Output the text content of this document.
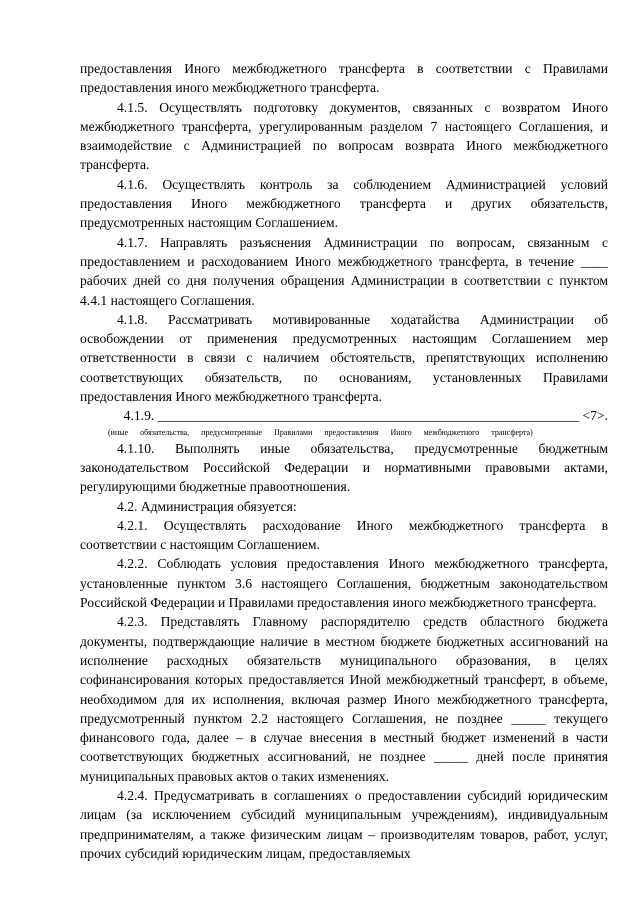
предоставления Иного межбюджетного трансферта в соответствии с Правилами предоставления иного межбюджетного трансферта.

4.1.5. Осуществлять подготовку документов, связанных с возвратом Иного межбюджетного трансферта, урегулированным разделом 7 настоящего Соглашения, и взаимодействие с Администрацией по вопросам возврата Иного межбюджетного трансферта.

4.1.6. Осуществлять контроль за соблюдением Администрацией условий предоставления Иного межбюджетного трансферта и других обязательств, предусмотренных настоящим Соглашением.

4.1.7. Направлять разъяснения Администрации по вопросам, связанным с предоставлением и расходованием Иного межбюджетного трансферта, в течение ____ рабочих дней со дня получения обращения Администрации в соответствии с пунктом 4.4.1 настоящего Соглашения.

4.1.8. Рассматривать мотивированные ходатайства Администрации об освобождении от применения предусмотренных настоящим Соглашением мер ответственности в связи с наличием обстоятельств, препятствующих исполнению соответствующих обязательств, по основаниям, установленных Правилами предоставления Иного межбюджетного трансферта.

4.1.9. ______________________________________________________________ <7>.

(иные обязательства, предусмотренные Правилами предоставления Иного межбюджетного трансферта)

4.1.10. Выполнять иные обязательства, предусмотренные бюджетным законодательством Российской Федерации и нормативными правовыми актами, регулирующими бюджетные правоотношения.

4.2. Администрация обязуется:

4.2.1. Осуществлять расходование Иного межбюджетного трансферта в соответствии с настоящим Соглашением.

4.2.2. Соблюдать условия предоставления Иного межбюджетного трансферта, установленные пунктом 3.6 настоящего Соглашения, бюджетным законодательством Российской Федерации и Правилами предоставления иного межбюджетного трансферта.

4.2.3. Представлять Главному распорядителю средств областного бюджета документы, подтверждающие наличие в местном бюджете бюджетных ассигнований на исполнение расходных обязательств муниципального образования, в целях софинансирования которых предоставляется Иной межбюджетный трансферт, в объеме, необходимом для их исполнения, включая размер Иного межбюджетного трансферта, предусмотренный пунктом 2.2 настоящего Соглашения, не позднее _____ текущего финансового года, далее – в случае внесения в местный бюджет изменений в части соответствующих бюджетных ассигнований, не позднее _____ дней после принятия муниципальных правовых актов о таких изменениях.

4.2.4. Предусматривать в соглашениях о предоставлении субсидий юридическим лицам (за исключением субсидий муниципальным учреждениям), индивидуальным предпринимателям, а также физическим лицам – производителям товаров, работ, услуг, прочих субсидий юридическим лицам, предоставляемых
